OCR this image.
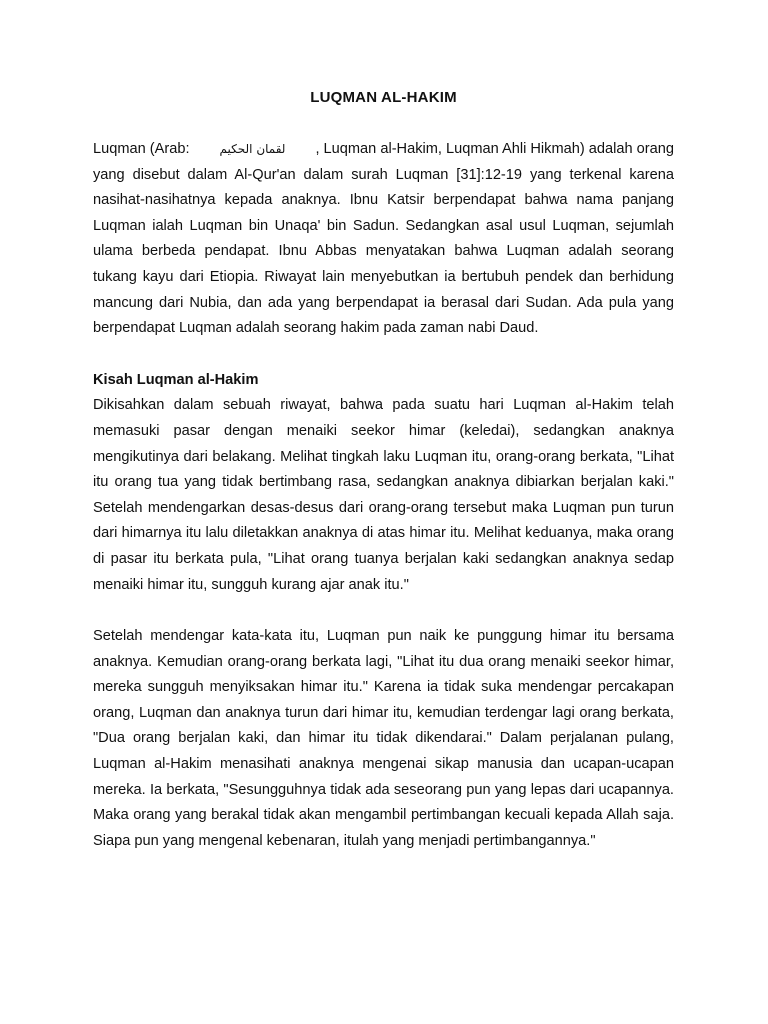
LUQMAN AL-HAKIM
Luqman (Arab: لقمان الحكيم , Luqman al-Hakim, Luqman Ahli Hikmah) adalah orang

yang disebut dalam Al-Qur'an dalam surah Luqman [31]:12-19 yang terkenal karena nasihat-nasihatnya kepada anaknya. Ibnu Katsir berpendapat bahwa nama panjang Luqman ialah Luqman bin Unaqa' bin Sadun. Sedangkan asal usul Luqman, sejumlah ulama berbeda pendapat. Ibnu Abbas menyatakan bahwa Luqman adalah seorang tukang kayu dari Etiopia. Riwayat lain menyebutkan ia bertubuh pendek dan berhidung mancung dari Nubia, dan ada yang berpendapat ia berasal dari Sudan. Ada pula yang berpendapat Luqman adalah seorang hakim pada zaman nabi Daud.

Kisah Luqman al-Hakim

Dikisahkan dalam sebuah riwayat, bahwa pada suatu hari Luqman al-Hakim telah memasuki pasar dengan menaiki seekor himar (keledai), sedangkan anaknya mengikutinya dari belakang. Melihat tingkah laku Luqman itu, orang-orang berkata, "Lihat itu orang tua yang tidak bertimbang rasa, sedangkan anaknya dibiarkan berjalan kaki." Setelah mendengarkan desas-desus dari orang-orang tersebut maka Luqman pun turun dari himarnya itu lalu diletakkan anaknya di atas himar itu. Melihat keduanya, maka orang di pasar itu berkata pula, "Lihat orang tuanya berjalan kaki sedangkan anaknya sedap menaiki himar itu, sungguh kurang ajar anak itu."

Setelah mendengar kata-kata itu, Luqman pun naik ke punggung himar itu bersama anaknya. Kemudian orang-orang berkata lagi, "Lihat itu dua orang menaiki seekor himar, mereka sungguh menyiksakan himar itu." Karena ia tidak suka mendengar percakapan orang, Luqman dan anaknya turun dari himar itu, kemudian terdengar lagi orang berkata, "Dua orang berjalan kaki, dan himar itu tidak dikendarai." Dalam perjalanan pulang, Luqman al-Hakim menasihati anaknya mengenai sikap manusia dan ucapan-ucapan mereka. Ia berkata, "Sesungguhnya tidak ada seseorang pun yang lepas dari ucapannya. Maka orang yang berakal tidak akan mengambil pertimbangan kecuali kepada Allah saja. Siapa pun yang mengenal kebenaran, itulah yang menjadi pertimbangannya."
